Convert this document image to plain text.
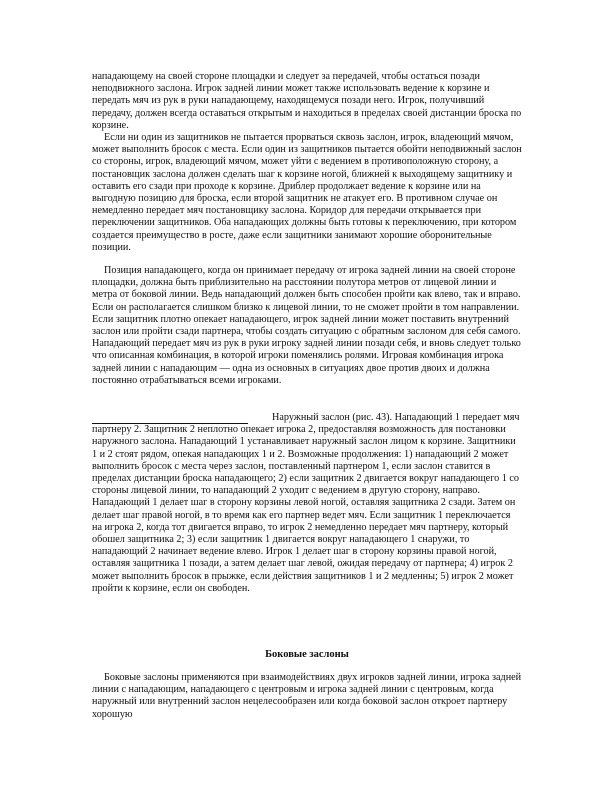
нападающему на своей стороне площадки и следует за передачей, чтобы остаться позади неподвижного заслона. Игрок задней линии может также использовать ведение к корзине и передать мяч из рук в руки нападающему, находящемуся позади него. Игрок, получивший передачу, должен всегда оставаться открытым и находиться в пределах своей дистанции броска по корзине.

Если ни один из защитников не пытается прорваться сквозь заслон, игрок, владеющий мячом, может выполнить бросок с места. Если один из защитников пытается обойти неподвижный заслон со стороны, игрок, владеющий мячом, может уйти с ведением в противоположную сторону, а постановщик заслона должен сделать шаг к корзине ногой, ближней к выходящему защитнику и оставить его сзади при проходе к корзине. Дриблер продолжает ведение к корзине или на выгодную позицию для броска, если второй защитник не атакует его. В противном случае он немедленно передает мяч постановщику заслона. Коридор для передачи открывается при переключении защитников. Оба нападающих должны быть готовы к переключению, при котором создается преимущество в росте, даже если защитники занимают хорошие оборонительные позиции.

Позиция нападающего, когда он принимает передачу от игрока задней линии на своей стороне площадки, должна быть приблизительно на расстоянии полутора метров от лицевой линии и метра от боковой линии. Ведь нападающий должен быть способен пройти как влево, так и вправо. Если он располагается слишком близко к лицевой линии, то не сможет пройти в том направлении. Если защитник плотно опекает нападающего, игрок задней линии может поставить внутренний заслон или пройти сзади партнера, чтобы создать ситуацию с обратным заслоном для себя самого. Нападающий передает мяч из рук в руки игроку задней линии позади себя, и вновь следует только что описанная комбинация, в которой игроки поменялись ролями. Игровая комбинация игрока задней линии с нападающим — одна из основных в ситуациях двое против двоих и должна постоянно отрабатываться всеми игроками.

Наружный заслон (рис. 43). Нападающий 1 передает мяч партнеру 2. Защитник 2 неплотно опекает игрока 2, предоставляя возможность для постановки наружного заслона. Нападающий 1 устанавливает наружный заслон лицом к корзине. Защитники 1 и 2 стоят рядом, опекая нападающих 1 и 2. Возможные продолжения: 1) нападающий 2 может выполнить бросок с места через заслон, поставленный партнером 1, если заслон ставится в пределах дистанции броска нападающего; 2) если защитник 2 двигается вокруг нападающего 1 со стороны лицевой линии, то нападающий 2 уходит с ведением в другую сторону, направо. Нападающий 1 делает шаг в сторону корзины левой ногой, оставляя защитника 2 сзади. Затем он делает шаг правой ногой, в то время как его партнер ведет мяч. Если защитник 1 переключается на игрока 2, когда тот двигается вправо, то игрок 2 немедленно передает мяч партнеру, который обошел защитника 2; 3) если защитник 1 двигается вокруг нападающего 1 снаружи, то нападающий 2 начинает ведение влево. Игрок 1 делает шаг в сторону корзины правой ногой, оставляя защитника 1 позади, а затем делает шаг левой, ожидая передачу от партнера; 4) игрок 2 может выполнить бросок в прыжке, если действия защитников 1 и 2 медленны; 5) игрок 2 может пройти к корзине, если он свободен.

Боковые заслоны

Боковые заслоны применяются при взаимодействиях двух игроков задней линии, игрока задней линии с нападающим, нападающего с центровым и игрока задней линии с центровым, когда наружный или внутренний заслон нецелесообразен или когда боковой заслон откроет партнеру хорошую
